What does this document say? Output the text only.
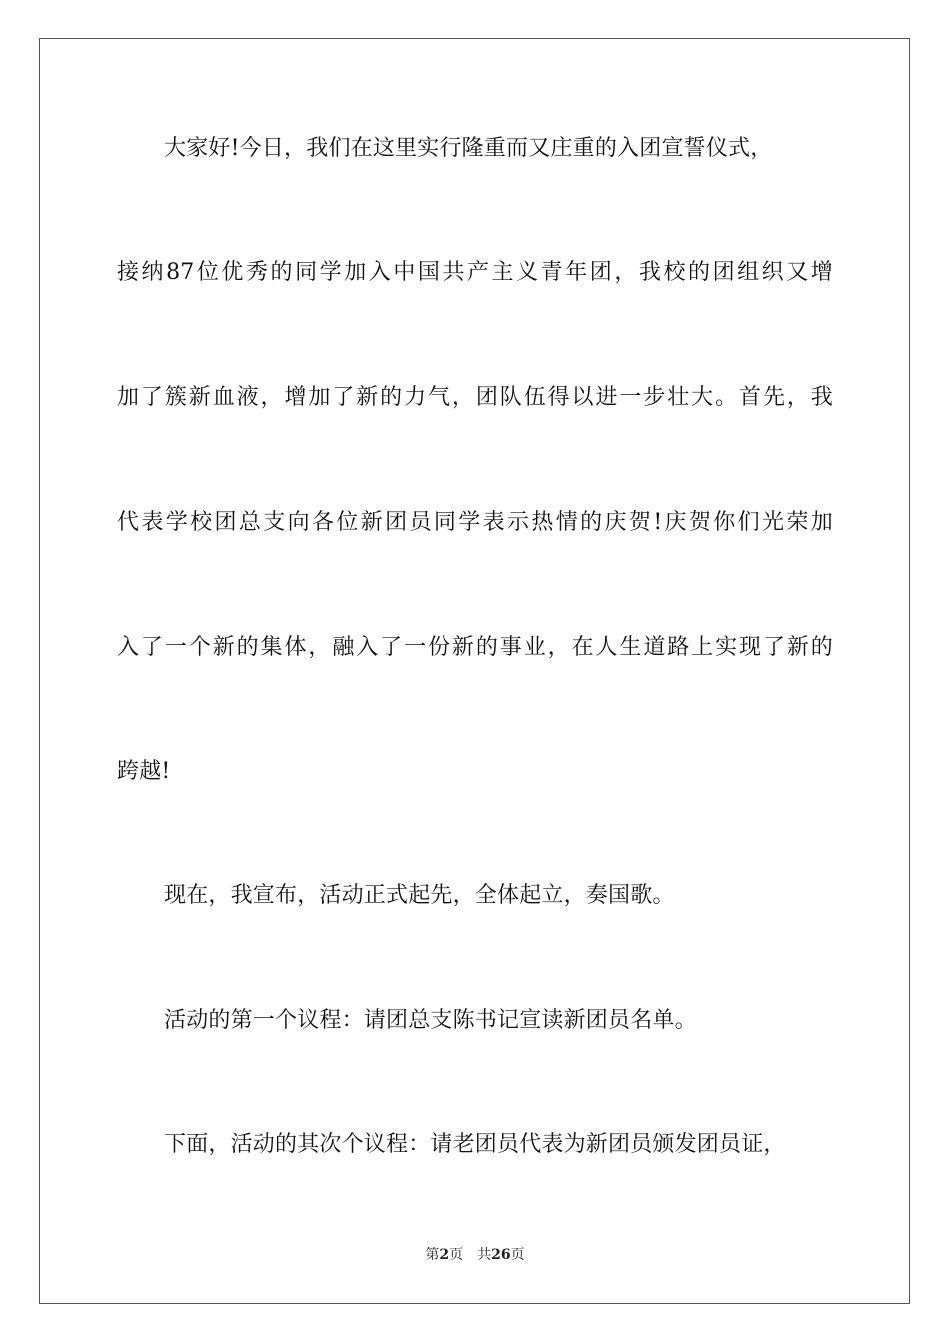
大家好!今日，我们在这里实行隆重而又庄重的入团宣誓仪式，
接纳87位优秀的同学加入中国共产主义青年团，我校的团组织又增
加了簇新血液，增加了新的力气，团队伍得以进一步壮大。首先，我
代表学校团总支向各位新团员同学表示热情的庆贺!庆贺你们光荣加
入了一个新的集体，融入了一份新的事业，在人生道路上实现了新的
跨越!
现在，我宣布，活动正式起先，全体起立，奏国歌。
活动的第一个议程：请团总支陈书记宣读新团员名单。
下面，活动的其次个议程：请老团员代表为新团员颁发团员证，
第2页 共26页
